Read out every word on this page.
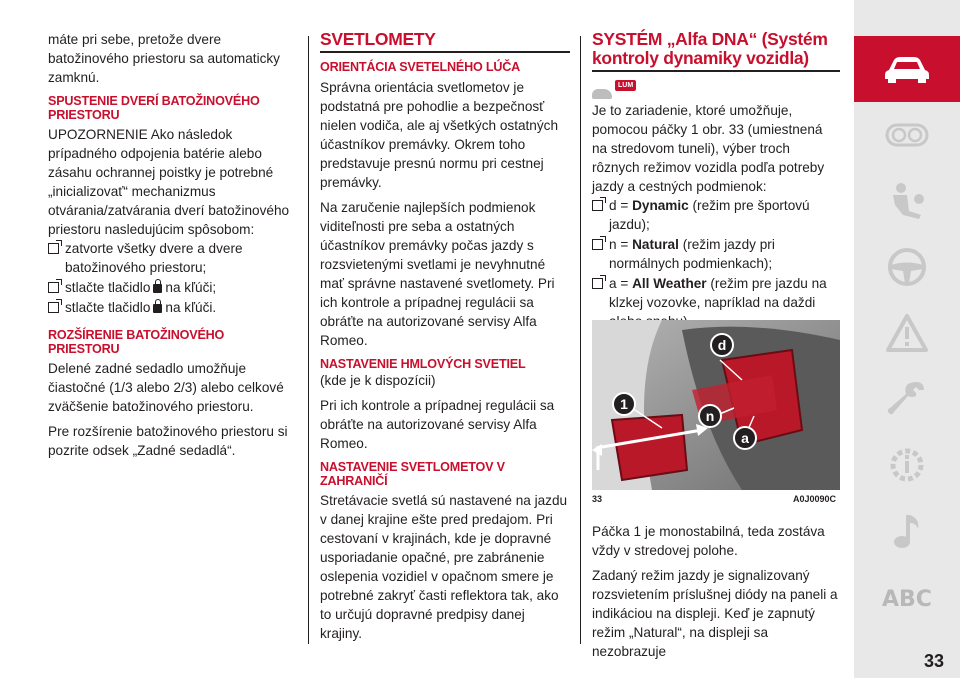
máte pri sebe, pretože dvere batožinového priestoru sa automaticky zamknú.

SPUSTENIE DVERÍ BATOŽINOVÉHO PRIESTORU

UPOZORNENIE Ako následok prípadného odpojenia batérie alebo zásahu ochrannej poistky je potrebné „inicializovať“ mechanizmus otvárania/zatvárania dverí batožinového priestoru nasledujúcim spôsobom:

zatvorte všetky dvere a dvere batožinového priestoru;
stlačte tlačidlo na kľúči;
stlačte tlačidlo na kľúči.
ROZŠÍRENIE BATOŽINOVÉHO PRIESTORU

Delené zadné sedadlo umožňuje čiastočné (1/3 alebo 2/3) alebo celkové zväčšenie batožinového priestoru.

Pre rozšírenie batožinového priestoru si pozrite odsek „Zadné sedadlá“.

SVETLOMETY
ORIENTÁCIA SVETELNÉHO LÚČA

Správna orientácia svetlometov je podstatná pre pohodlie a bezpečnosť nielen vodiča, ale aj všetkých ostatných účastníkov premávky. Okrem toho predstavuje presnú normu pri cestnej premávky.

Na zaručenie najlepších podmienok viditeľnosti pre seba a ostatných účastníkov premávky počas jazdy s rozsvietenými svetlami je nevyhnutné mať správne nastavené svetlomety. Pri ich kontrole a prípadnej regulácii sa obráťte na autorizované servisy Alfa Romeo.

NASTAVENIE HMLOVÝCH SVETIEL

(kde je k dispozícii)

Pri ich kontrole a prípadnej regulácii sa obráťte na autorizované servisy Alfa Romeo.

NASTAVENIE SVETLOMETOV V ZAHRANIČÍ

Stretávacie svetlá sú nastavené na jazdu v danej krajine ešte pred predajom. Pri cestovaní v krajinách, kde je dopravné usporiadanie opačné, pre zabránenie oslepenia vozidiel v opačnom smere je potrebné zakryť časti reflektora tak, ako to určujú dopravné predpisy danej krajiny.

SYSTÉM „Alfa DNA“ (Systém kontroly dynamiky vozidla)
LUM

Je to zariadenie, ktoré umožňuje, pomocou páčky 1 obr. 33 (umiestnená na stredovom tuneli), výber troch rôznych režimov vozidla podľa potreby jazdy a cestných podmienok:

d = Dynamic (režim pre športovú jazdu);
n = Natural (režim jazdy pri normálnych podmienkach);
a = All Weather (režim pre jazdu na klzkej vozovke, napríklad na daždi
1
d
n
a
33	A0J0090C

Páčka 1 je monostabilná, teda zostáva vždy v stredovej polohe.

Zadaný režim jazdy je signalizovaný rozsvietením príslušnej diódy na paneli a indikáciou na displeji. Keď je zapnutý režim „Natural“, na displeji sa nezobrazuje

ABC
33
